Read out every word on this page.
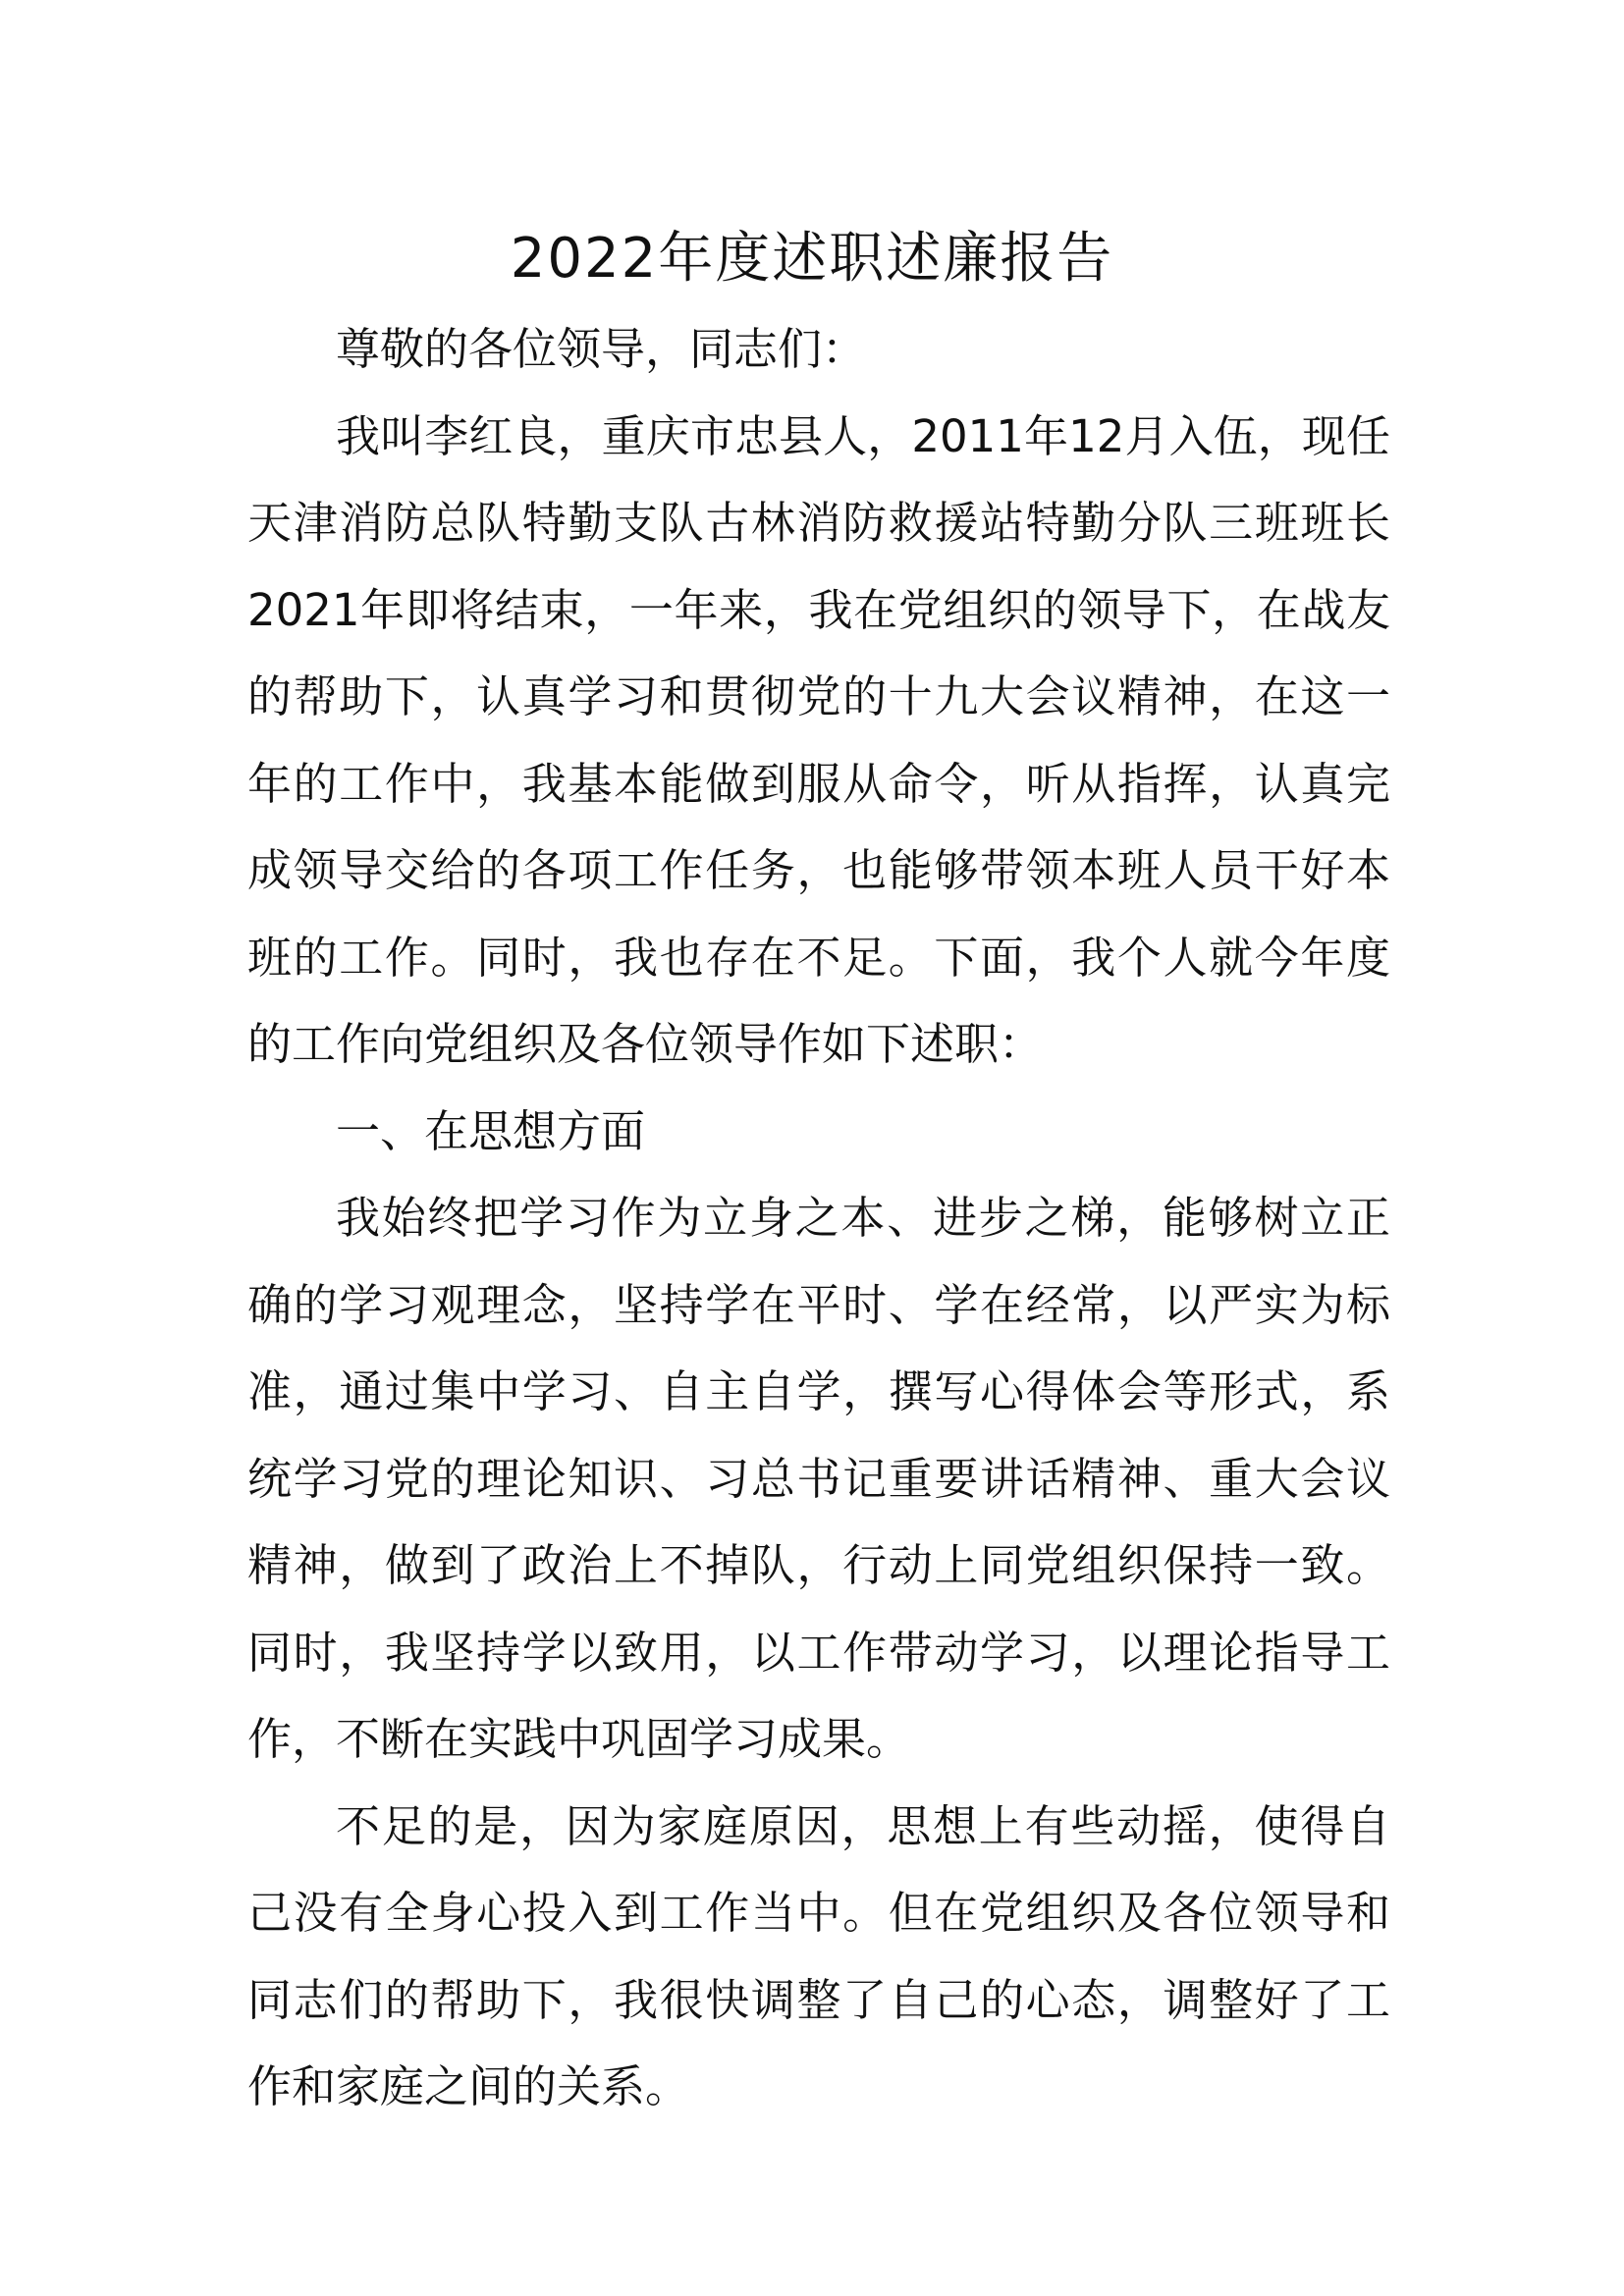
2022年度述职述廉报告

尊敬的各位领导，同志们：

我叫李红良，重庆市忠县人，2011年12月入伍，现任天津消防总队特勤支队古林消防救援站特勤分队三班班长2021年即将结束，一年来，我在党组织的领导下，在战友的帮助下，认真学习和贯彻党的十九大会议精神，在这一年的工作中，我基本能做到服从命令，听从指挥，认真完成领导交给的各项工作任务，也能够带领本班人员干好本班的工作。同时，我也存在不足。下面，我个人就今年度的工作向党组织及各位领导作如下述职：

一、在思想方面

我始终把学习作为立身之本、进步之梯，能够树立正确的学习观理念，坚持学在平时、学在经常，以严实为标准，通过集中学习、自主自学，撰写心得体会等形式，系统学习党的理论知识、习总书记重要讲话精神、重大会议精神，做到了政治上不掉队，行动上同党组织保持一致。同时，我坚持学以致用，以工作带动学习，以理论指导工作，不断在实践中巩固学习成果。

不足的是，因为家庭原因，思想上有些动摇，使得自己没有全身心投入到工作当中。但在党组织及各位领导和同志们的帮助下，我很快调整了自己的心态，调整好了工作和家庭之间的关系。
